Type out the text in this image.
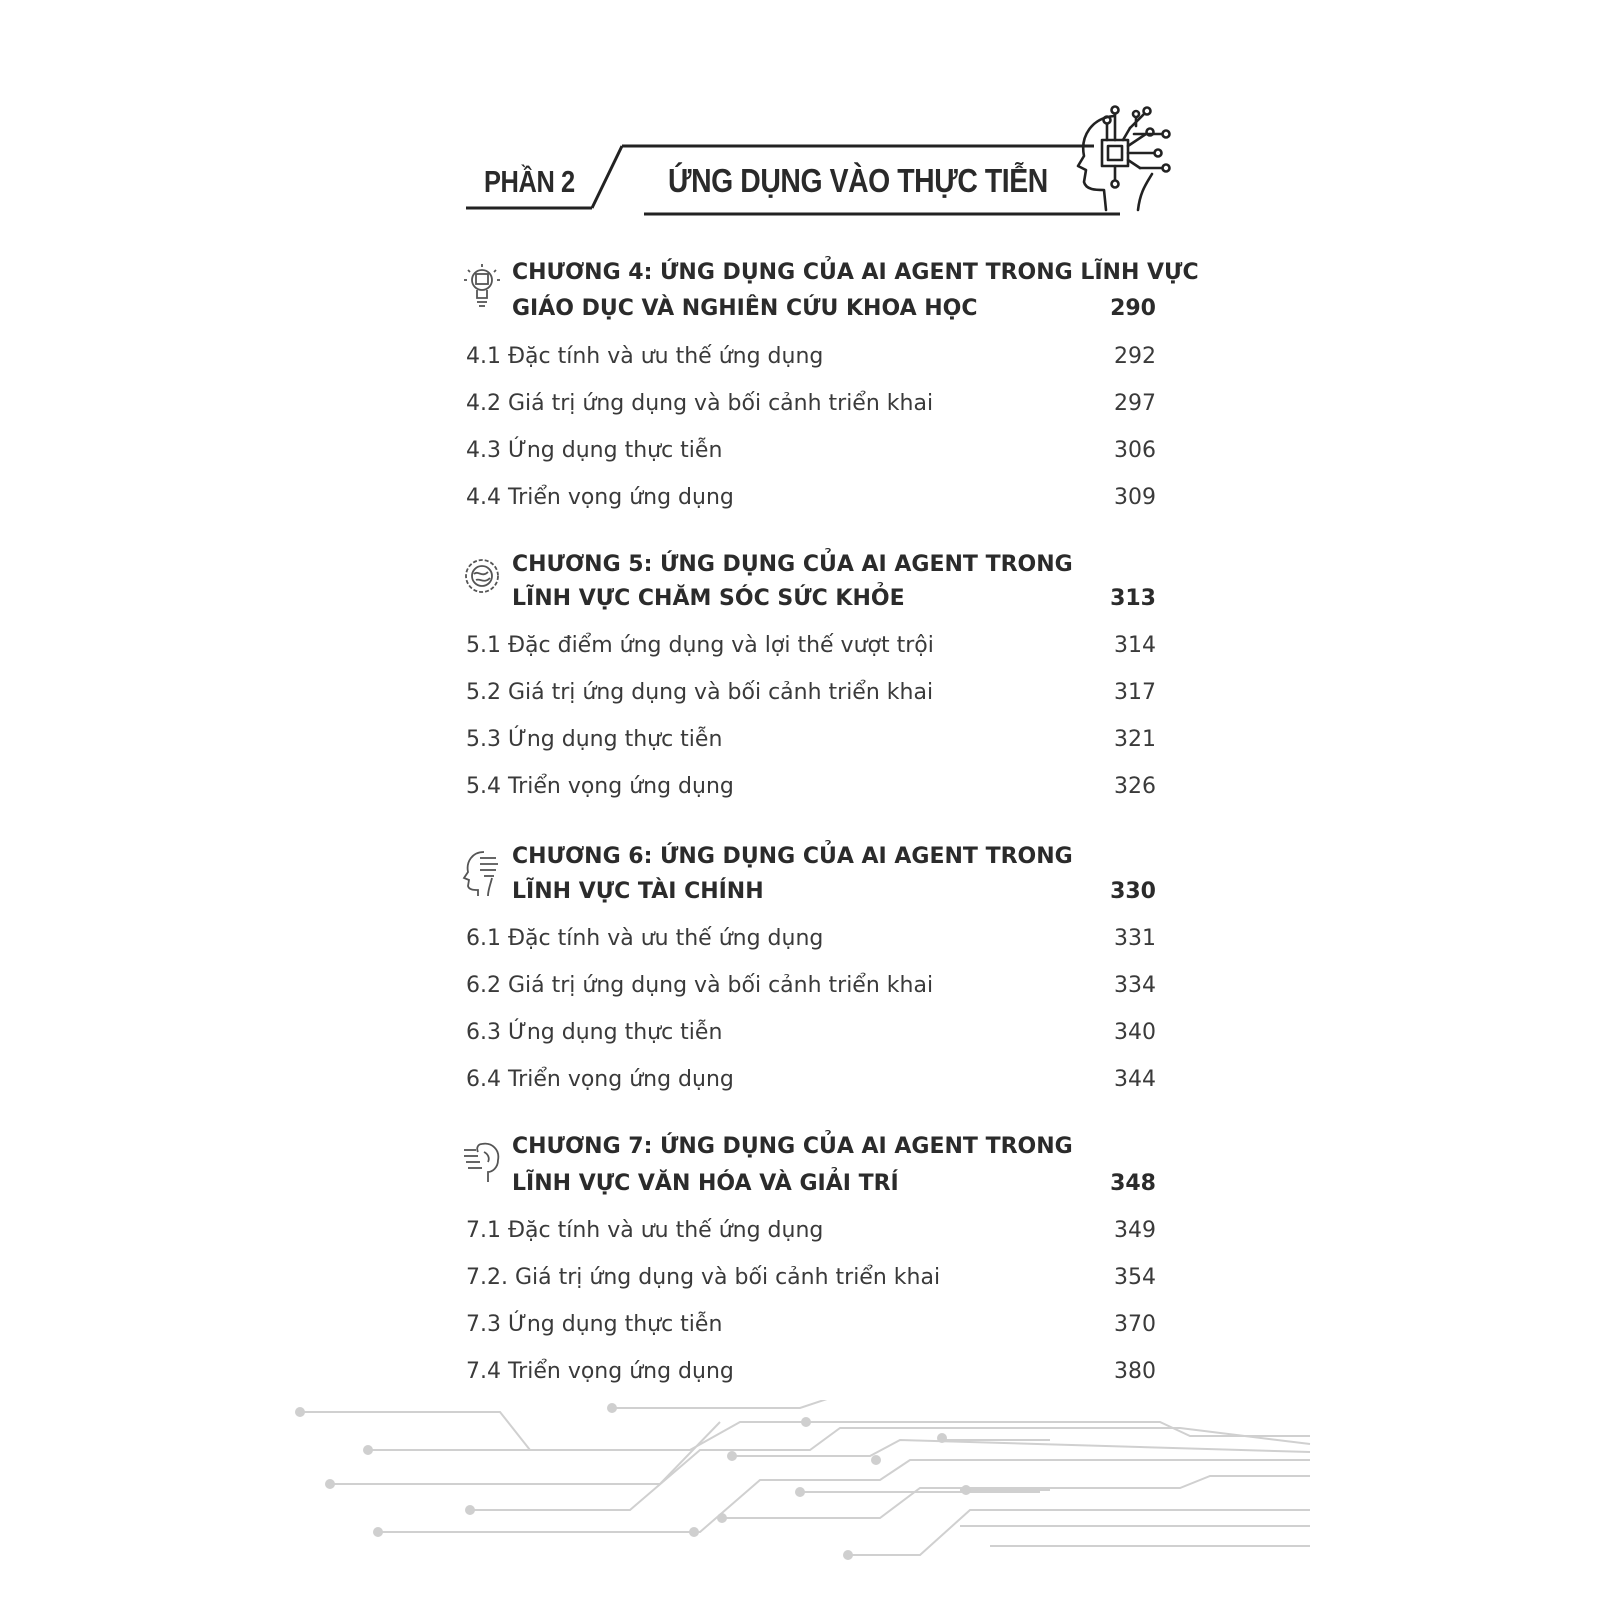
PHẦN 2	ỨNG DỤNG VÀO THỰC TIỄN
CHƯƠNG 4: ỨNG DỤNG CỦA AI AGENT TRONG LĨNH VỰC
GIÁO DỤC VÀ NGHIÊN CỨU KHOA HỌC	290
4.1 Đặc tính và ưu thế ứng dụng	292
4.2 Giá trị ứng dụng và bối cảnh triển khai	297
4.3 Ứng dụng thực tiễn	306
4.4 Triển vọng ứng dụng	309
CHƯƠNG 5: ỨNG DỤNG CỦA AI AGENT TRONG
LĨNH VỰC CHĂM SÓC SỨC KHỎE	313
5.1 Đặc điểm ứng dụng và lợi thế vượt trội	314
5.2 Giá trị ứng dụng và bối cảnh triển khai	317
5.3 Ứng dụng thực tiễn	321
5.4 Triển vọng ứng dụng	326
CHƯƠNG 6: ỨNG DỤNG CỦA AI AGENT TRONG
LĨNH VỰC TÀI CHÍNH	330
6.1 Đặc tính và ưu thế ứng dụng	331
6.2 Giá trị ứng dụng và bối cảnh triển khai	334
6.3 Ứng dụng thực tiễn	340
6.4 Triển vọng ứng dụng	344
CHƯƠNG 7: ỨNG DỤNG CỦA AI AGENT TRONG
LĨNH VỰC VĂN HÓA VÀ GIẢI TRÍ	348
7.1 Đặc tính và ưu thế ứng dụng	349
7.2. Giá trị ứng dụng và bối cảnh triển khai	354
7.3 Ứng dụng thực tiễn	370
7.4 Triển vọng ứng dụng	380
